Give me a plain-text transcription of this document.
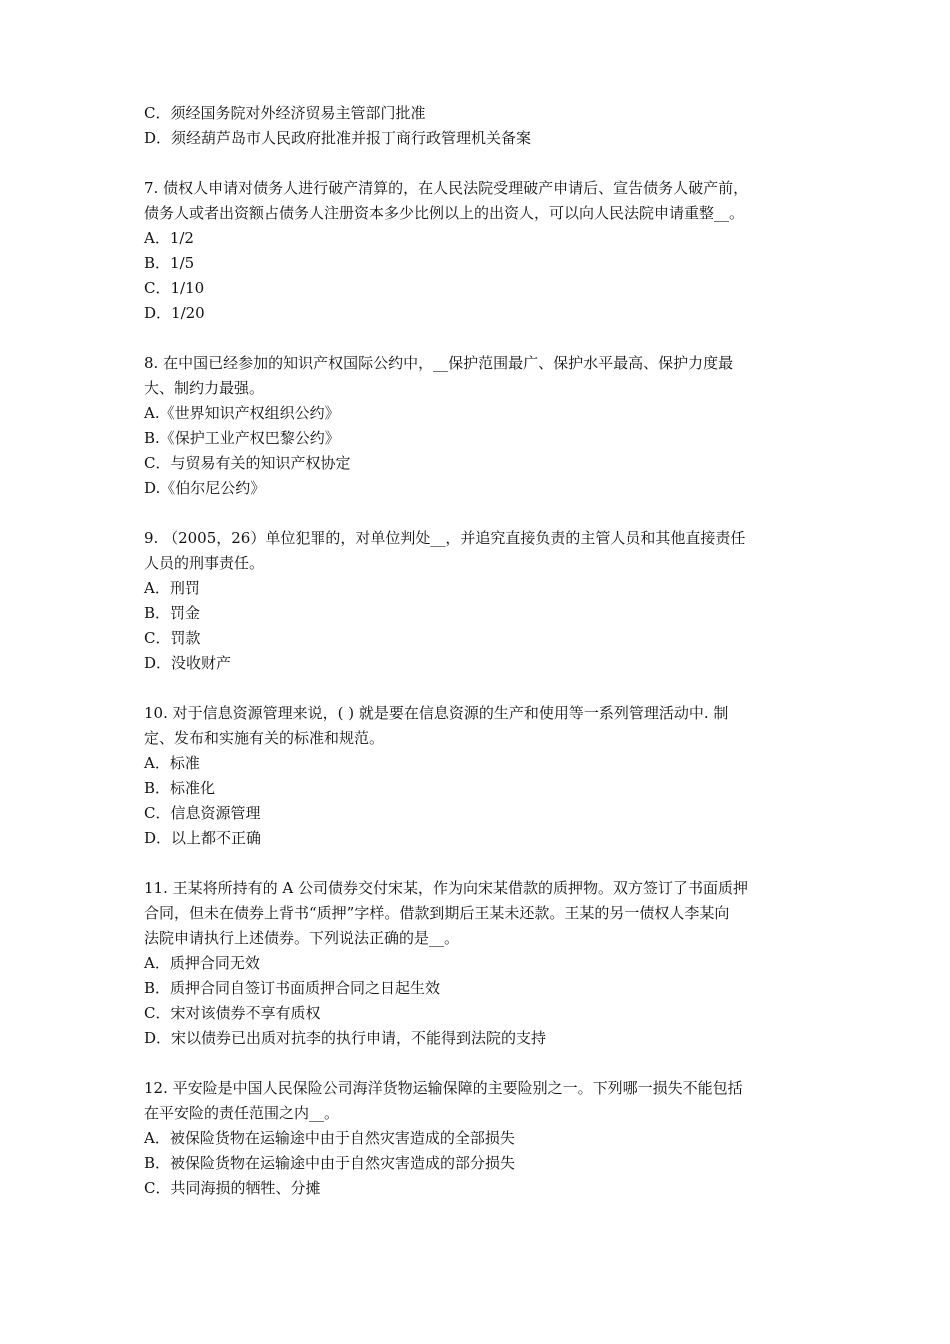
C．须经国务院对外经济贸易主管部门批准
D．须经葫芦岛市人民政府批准并报丁商行政管理机关备案
7. 债权人申请对债务人进行破产清算的，在人民法院受理破产申请后、宣告债务人破产前，
债务人或者出资额占债务人注册资本多少比例以上的出资人，可以向人民法院申请重整__。
A．1/2
B．1/5
C．1/10
D．1/20
8. 在中国已经参加的知识产权国际公约中，__保护范围最广、保护水平最高、保护力度最
大、制约力最强。
A.《世界知识产权组织公约》
B.《保护工业产权巴黎公约》
C．与贸易有关的知识产权协定
D.《伯尔尼公约》
9. （2005，26）单位犯罪的，对单位判处__，并追究直接负责的主管人员和其他直接责任
人员的刑事责任。
A．刑罚
B．罚金
C．罚款
D．没收财产
10. 对于信息资源管理来说，( ) 就是要在信息资源的生产和使用等一系列管理活动中. 制
定、发布和实施有关的标准和规范。
A．标准
B．标准化
C．信息资源管理
D．以上都不正确
11. 王某将所持有的 A 公司债券交付宋某，作为向宋某借款的质押物。双方签订了书面质押
合同，但未在债券上背书“质押”字样。借款到期后王某未还款。王某的另一债权人李某向
法院申请执行上述债券。下列说法正确的是__。
A．质押合同无效
B．质押合同自签订书面质押合同之日起生效
C．宋对该债券不享有质权
D．宋以债券已出质对抗李的执行申请，不能得到法院的支持
12. 平安险是中国人民保险公司海洋货物运输保障的主要险别之一。下列哪一损失不能包括
在平安险的责任范围之内__。
A．被保险货物在运输途中由于自然灾害造成的全部损失
B．被保险货物在运输途中由于自然灾害造成的部分损失
C．共同海损的牺牲、分摊
